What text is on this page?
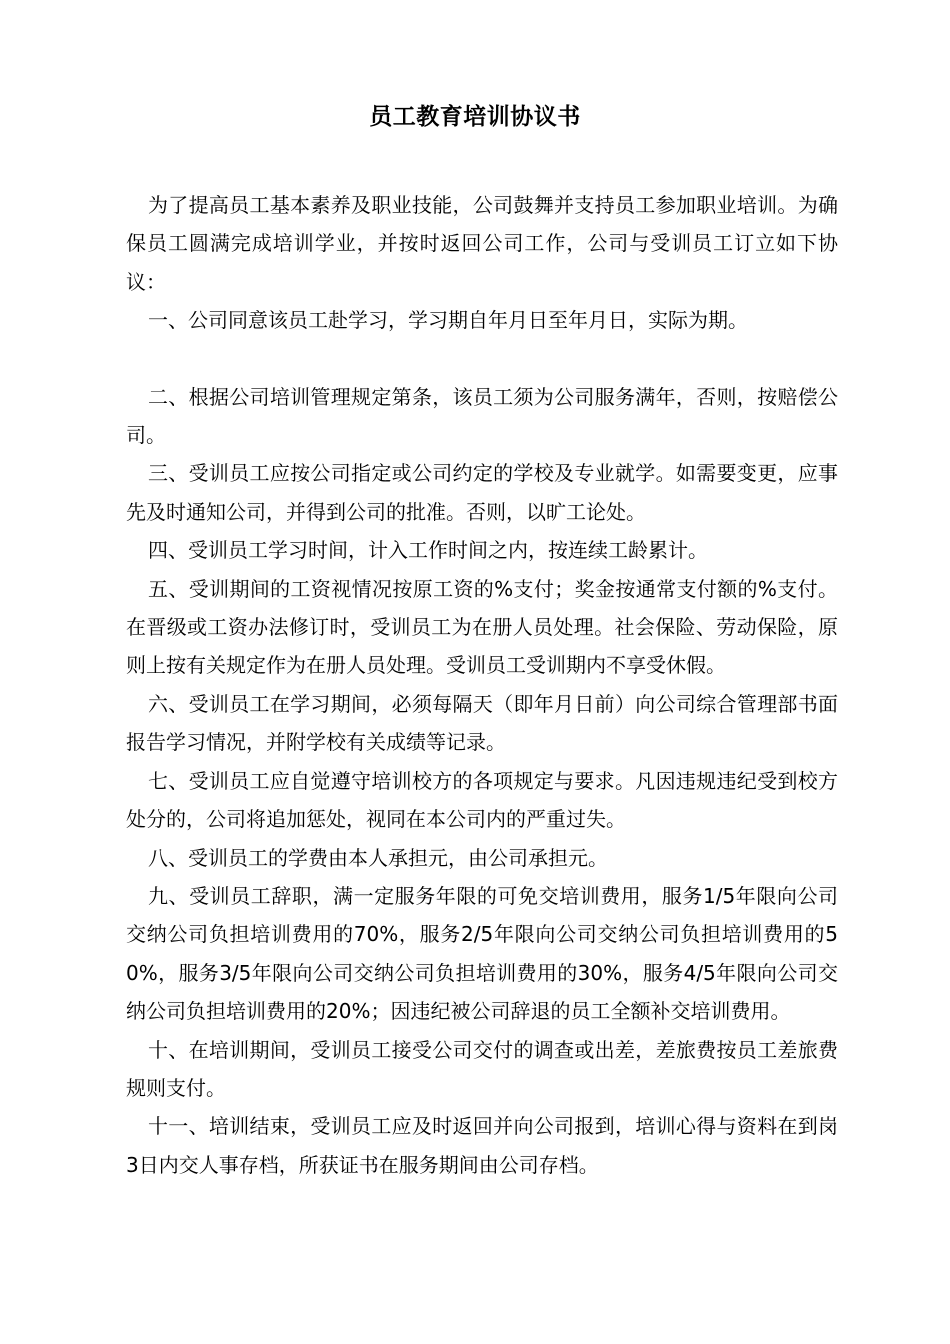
员工教育培训协议书

为了提高员工基本素养及职业技能，公司鼓舞并支持员工参加职业培训。为确保员工圆满完成培训学业，并按时返回公司工作，公司与受训员工订立如下协议：

一、公司同意该员工赴学习，学习期自年月日至年月日，实际为期。

二、根据公司培训管理规定第条，该员工须为公司服务满年，否则，按赔偿公司。

三、受训员工应按公司指定或公司约定的学校及专业就学。如需要变更，应事先及时通知公司，并得到公司的批准。否则，以旷工论处。

四、受训员工学习时间，计入工作时间之内，按连续工龄累计。

五、受训期间的工资视情况按原工资的%支付；奖金按通常支付额的%支付。在晋级或工资办法修订时，受训员工为在册人员处理。社会保险、劳动保险，原则上按有关规定作为在册人员处理。受训员工受训期内不享受休假。

六、受训员工在学习期间，必须每隔天（即年月日前）向公司综合管理部书面报告学习情况，并附学校有关成绩等记录。

七、受训员工应自觉遵守培训校方的各项规定与要求。凡因违规违纪受到校方处分的，公司将追加惩处，视同在本公司内的严重过失。

八、受训员工的学费由本人承担元，由公司承担元。

九、受训员工辞职，满一定服务年限的可免交培训费用，服务1/5年限向公司交纳公司负担培训费用的70%，服务2/5年限向公司交纳公司负担培训费用的50%，服务3/5年限向公司交纳公司负担培训费用的30%，服务4/5年限向公司交纳公司负担培训费用的20%；因违纪被公司辞退的员工全额补交培训费用。

十、在培训期间，受训员工接受公司交付的调查或出差，差旅费按员工差旅费规则支付。

十一、培训结束，受训员工应及时返回并向公司报到，培训心得与资料在到岗3日内交人事存档，所获证书在服务期间由公司存档。
